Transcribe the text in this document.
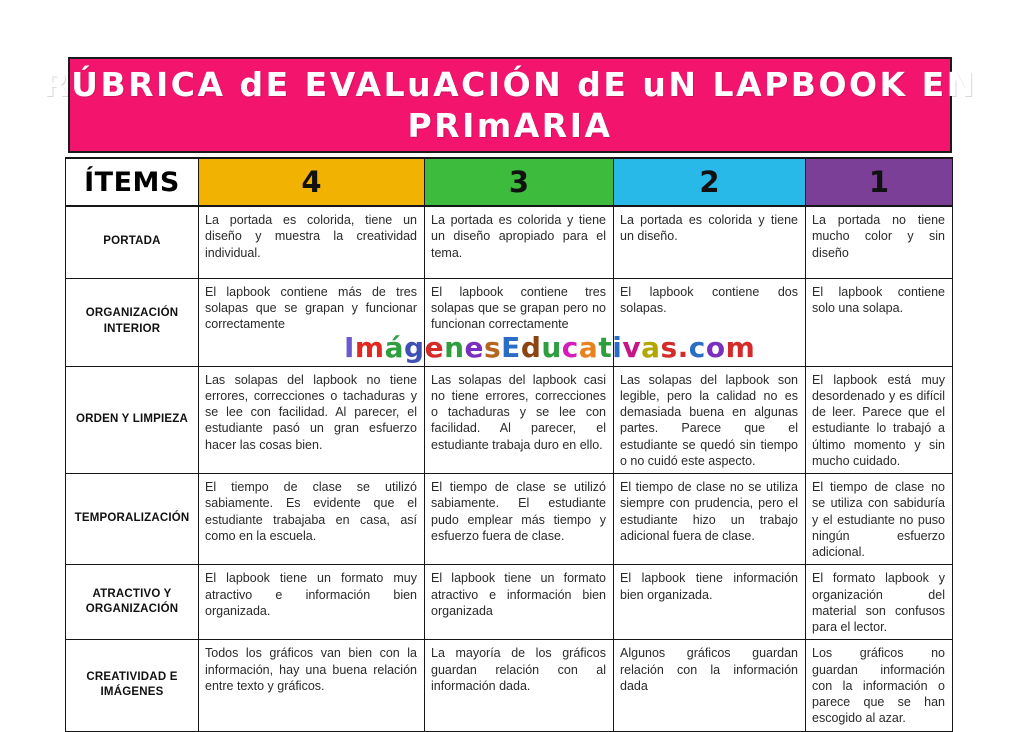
RÚBRICA dE EVALuACIÓN dE uN LAPBOOK EN
PRImARIA
ÍTEMS	4	3	2	1
PORTADA	La portada es colorida, tiene un diseño y muestra la creatividad individual.	La portada es colorida y tiene un diseño apropiado para el tema.	La portada es colorida y tiene un diseño.	La portada no tiene mucho color y sin diseño
ORGANIZACIÓN INTERIOR	El lapbook contiene más de tres solapas que se grapan y funcionar correctamente	El lapbook contiene tres solapas que se grapan pero no funcionan correctamente	El lapbook contiene dos solapas.	El lapbook contiene solo una solapa.
ORDEN Y LIMPIEZA	Las solapas del lapbook no tiene errores, correcciones o tachaduras y se lee con facilidad. Al parecer, el estudiante pasó un gran esfuerzo hacer las cosas bien.	Las solapas del lapbook casi no tiene errores, correcciones o tachaduras y se lee con facilidad. Al parecer, el estudiante trabaja duro en ello.	Las solapas del lapbook son legible, pero la calidad no es demasiada buena en algunas partes. Parece que el estudiante se quedó sin tiempo o no cuidó este aspecto.	El lapbook está muy desordenado y es difícil de leer. Parece que el estudiante lo trabajó a último momento y sin mucho cuidado.
TEMPORALIZACIÓN	El tiempo de clase se utilizó sabiamente. Es evidente que el estudiante trabajaba en casa, así como en la escuela.	El tiempo de clase se utilizó sabiamente. El estudiante pudo emplear más tiempo y esfuerzo fuera de clase.	El tiempo de clase no se utiliza siempre con prudencia, pero el estudiante hizo un trabajo adicional fuera de clase.	El tiempo de clase no se utiliza con sabiduría y el estudiante no puso ningún esfuerzo adicional.
ATRACTIVO Y ORGANIZACIÓN	El lapbook tiene un formato muy atractivo e información bien organizada.	El lapbook tiene un formato atractivo e información bien organizada	El lapbook tiene información bien organizada.	El formato lapbook y organización del material son confusos para el lector.
CREATIVIDAD E IMÁGENES	Todos los gráficos van bien con la información, hay una buena relación entre texto y gráficos.	La mayoría de los gráficos guardan relación con al información dada.	Algunos gráficos guardan relación con la información dada	Los gráficos no guardan información con la información o parece que se han escogido al azar.
ImágenesEducativas.com
